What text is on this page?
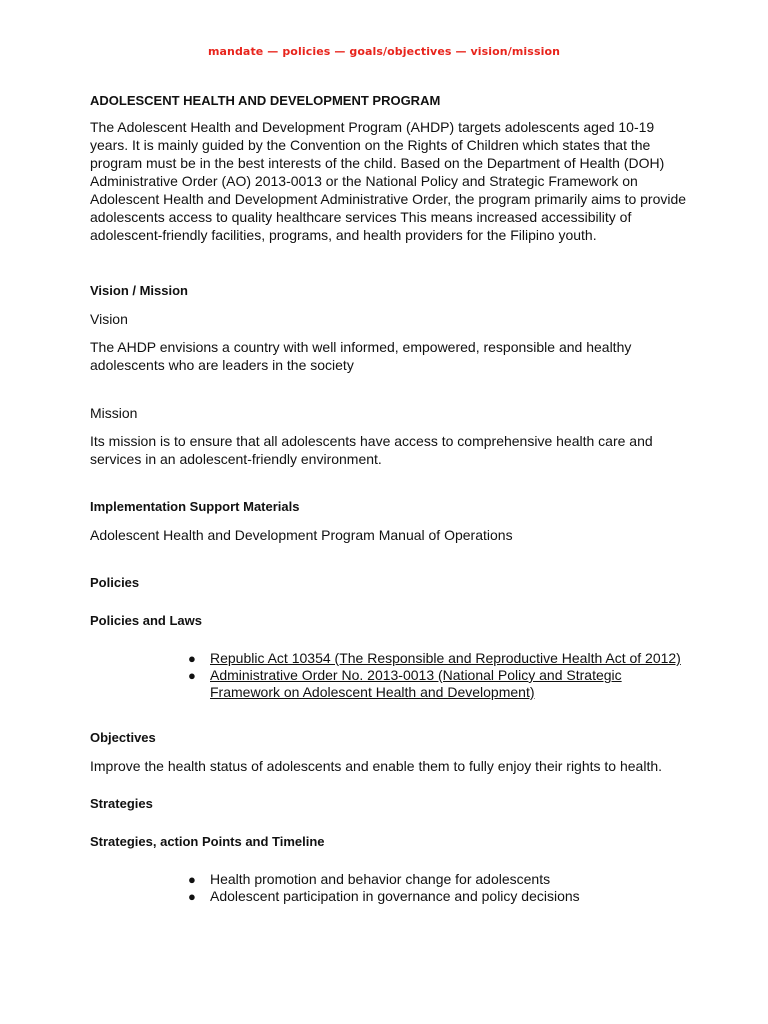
mandate — policies — goals/objectives — vision/mission
ADOLESCENT HEALTH AND DEVELOPMENT PROGRAM

The Adolescent Health and Development Program (AHDP) targets adolescents aged 10-19 years. It is mainly guided by the Convention on the Rights of Children which states that the program must be in the best interests of the child. Based on the Department of Health (DOH) Administrative Order (AO) 2013-0013 or the National Policy and Strategic Framework on Adolescent Health and Development Administrative Order, the program primarily aims to provide adolescents access to quality healthcare services This means increased accessibility of adolescent-friendly facilities, programs, and health providers for the Filipino youth.

Vision / Mission

Vision

The AHDP envisions a country with well informed, empowered, responsible and healthy adolescents who are leaders in the society

Mission

Its mission is to ensure that all adolescents have access to comprehensive health care and services in an adolescent-friendly environment.

Implementation Support Materials

Adolescent Health and Development Program Manual of Operations

Policies
Policies and Laws
● Republic Act 10354 (The Responsible and Reproductive Health Act of 2012)
● Administrative Order No. 2013-0013 (National Policy and Strategic Framework on Adolescent Health and Development)
Objectives

Improve the health status of adolescents and enable them to fully enjoy their rights to health.

Strategies
Strategies, action Points and Timeline
● Health promotion and behavior change for adolescents
● Adolescent participation in governance and policy decisions
